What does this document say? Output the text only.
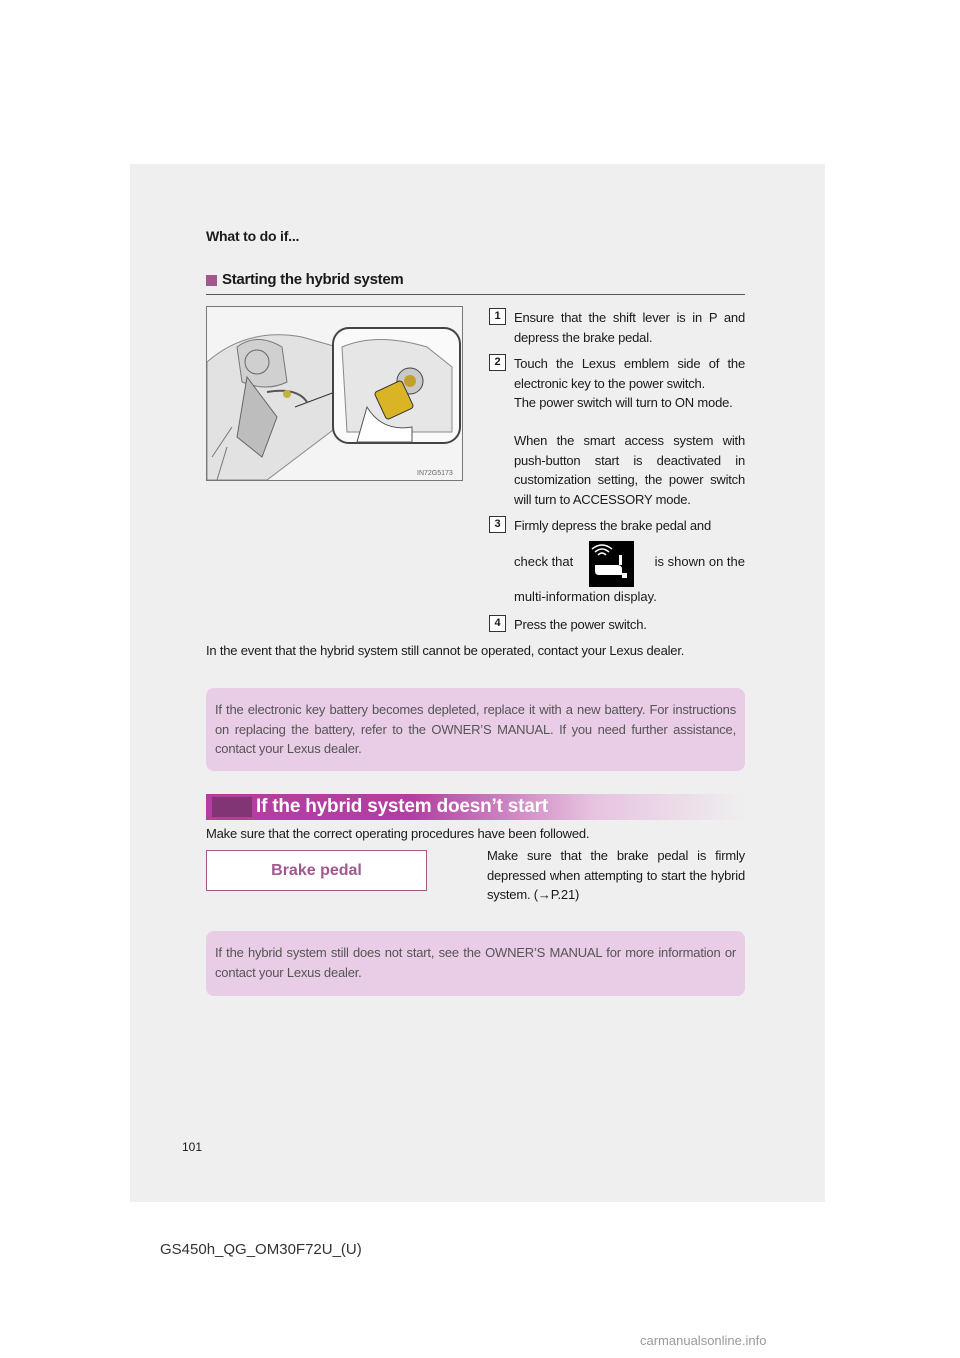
What to do if...
Starting the hybrid system
IN72G5173
1	Ensure that the shift lever is in P and depress the brake pedal.
2	Touch the Lexus emblem side of the electronic key to the power switch.
The power switch will turn to ON mode.
When the smart access system with push-button start is deactivated in customization setting, the power switch will turn to ACCESSORY mode.
3	Firmly depress the brake pedal and
check that	is shown on the
multi-information display.
4	Press the power switch.
In the event that the hybrid system still cannot be operated, contact your Lexus dealer.
If the electronic key battery becomes depleted, replace it with a new battery. For instructions on replacing the battery, refer to the OWNER’S MANUAL. If you need further assistance, contact your Lexus dealer.
If the hybrid system doesn’t start
Make sure that the correct operating procedures have been followed.
Brake pedal
Make sure that the brake pedal is firmly depressed when attempting to start the hybrid system. (→P.21)
If the hybrid system still does not start, see the OWNER’S MANUAL for more information or contact your Lexus dealer.
101
GS450h_QG_OM30F72U_(U)
carmanualsonline.info
